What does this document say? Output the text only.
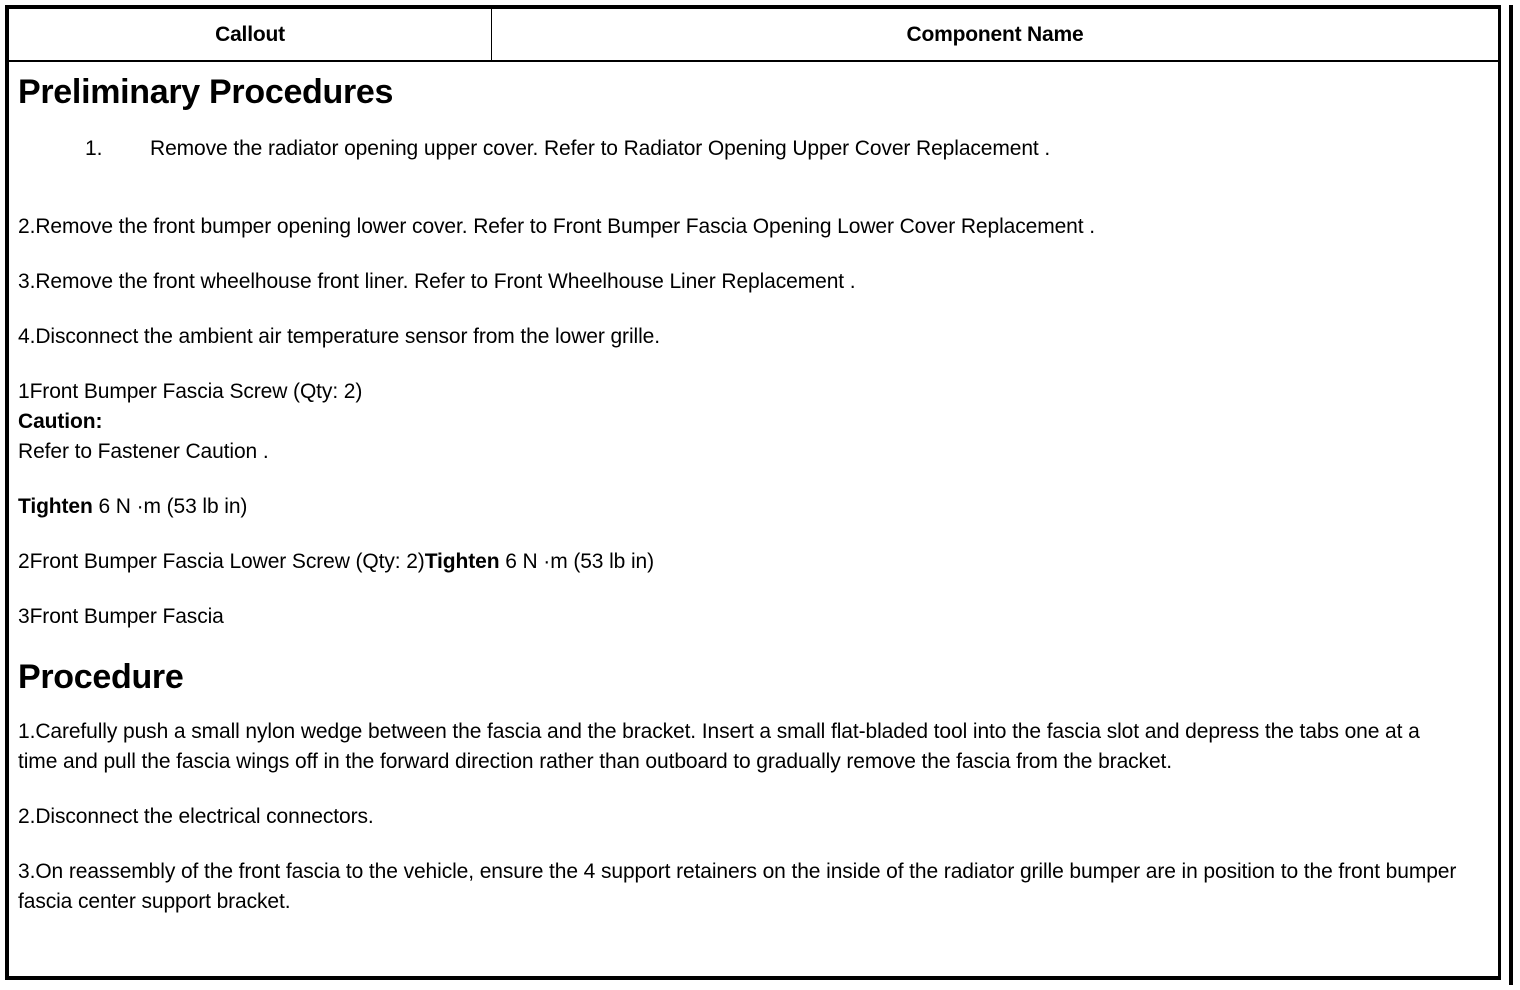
Callout	Component Name
Preliminary Procedures
1.	Remove the radiator opening upper cover. Refer to Radiator Opening Upper Cover Replacement .

2.Remove the front bumper opening lower cover. Refer to Front Bumper Fascia Opening Lower Cover Replacement .

3.Remove the front wheelhouse front liner. Refer to Front Wheelhouse Liner Replacement .

4.Disconnect the ambient air temperature sensor from the lower grille.

1Front Bumper Fascia Screw (Qty: 2)
Caution:
Refer to Fastener Caution .
Tighten 6 N ·m (53 lb in)
2Front Bumper Fascia Lower Screw (Qty: 2)Tighten 6 N ·m (53 lb in)
3Front Bumper Fascia
Procedure

1.Carefully push a small nylon wedge between the fascia and the bracket. Insert a small flat-bladed tool into the fascia slot and depress the tabs one at a time and pull the fascia wings off in the forward direction rather than outboard to gradually remove the fascia from the bracket.

2.Disconnect the electrical connectors.

3.On reassembly of the front fascia to the vehicle, ensure the 4 support retainers on the inside of the radiator grille bumper are in position to the front bumper fascia center support bracket.
